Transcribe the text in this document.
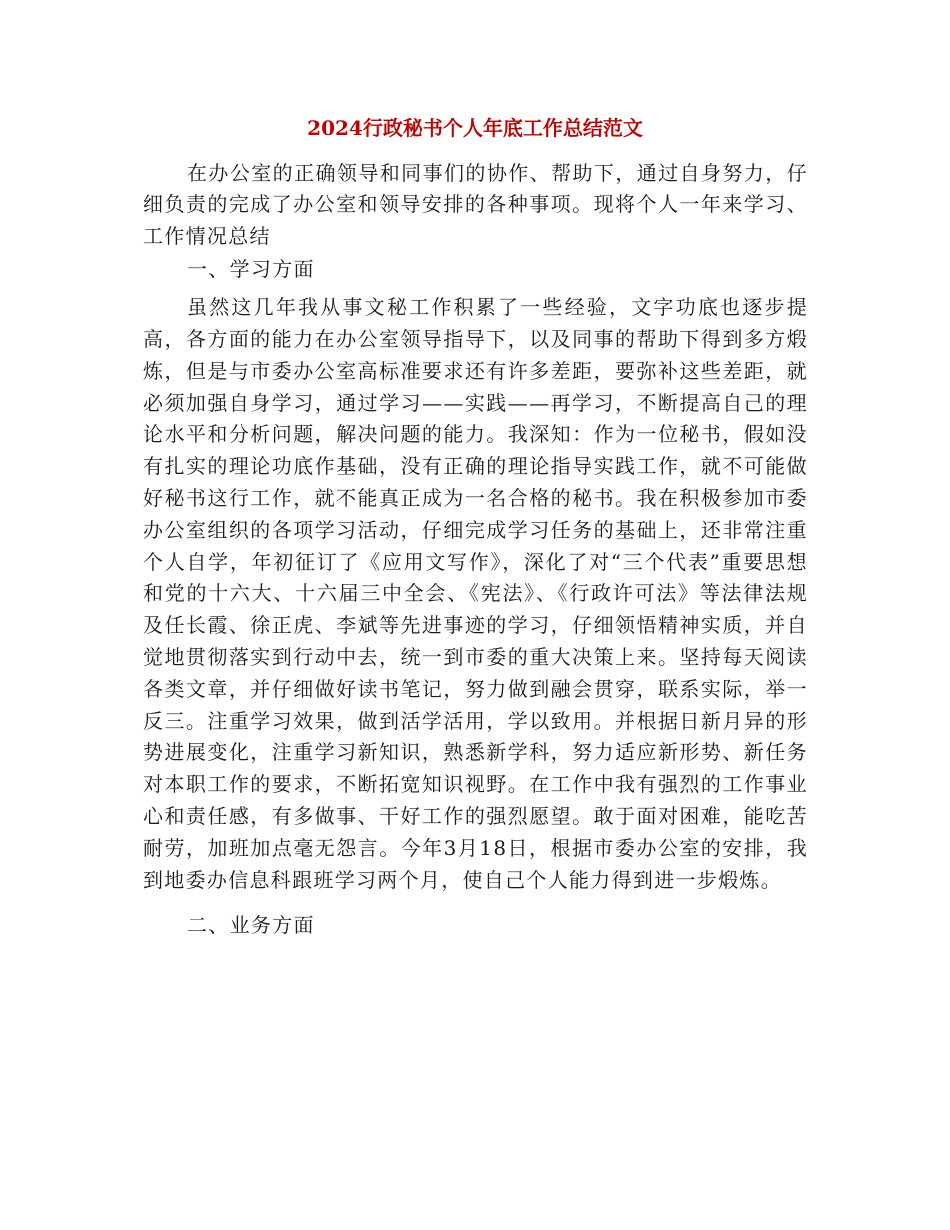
2024行政秘书个人年底工作总结范文

在办公室的正确领导和同事们的协作、帮助下，通过自身努力，仔细负责的完成了办公室和领导安排的各种事项。现将个人一年来学习、工作情况总结

一、学习方面

虽然这几年我从事文秘工作积累了一些经验，文字功底也逐步提高，各方面的能力在办公室领导指导下，以及同事的帮助下得到多方煅炼，但是与市委办公室高标准要求还有许多差距，要弥补这些差距，就必须加强自身学习，通过学习——实践——再学习，不断提高自己的理论水平和分析问题，解决问题的能力。我深知：作为一位秘书，假如没有扎实的理论功底作基础，没有正确的理论指导实践工作，就不可能做好秘书这行工作，就不能真正成为一名合格的秘书。我在积极参加市委办公室组织的各项学习活动，仔细完成学习任务的基础上，还非常注重个人自学，年初征订了《应用文写作》，深化了对“三个代表”重要思想和党的十六大、十六届三中全会、《宪法》、《行政许可法》等法律法规及任长霞、徐正虎、李斌等先进事迹的学习，仔细领悟精神实质，并自觉地贯彻落实到行动中去，统一到市委的重大决策上来。坚持每天阅读各类文章，并仔细做好读书笔记，努力做到融会贯穿，联系实际，举一反三。注重学习效果，做到活学活用，学以致用。并根据日新月异的形势进展变化，注重学习新知识，熟悉新学科，努力适应新形势、新任务对本职工作的要求，不断拓宽知识视野。在工作中我有强烈的工作事业心和责任感，有多做事、干好工作的强烈愿望。敢于面对困难，能吃苦耐劳，加班加点毫无怨言。今年3月18日，根据市委办公室的安排，我到地委办信息科跟班学习两个月，使自己个人能力得到进一步煅炼。

二、业务方面
